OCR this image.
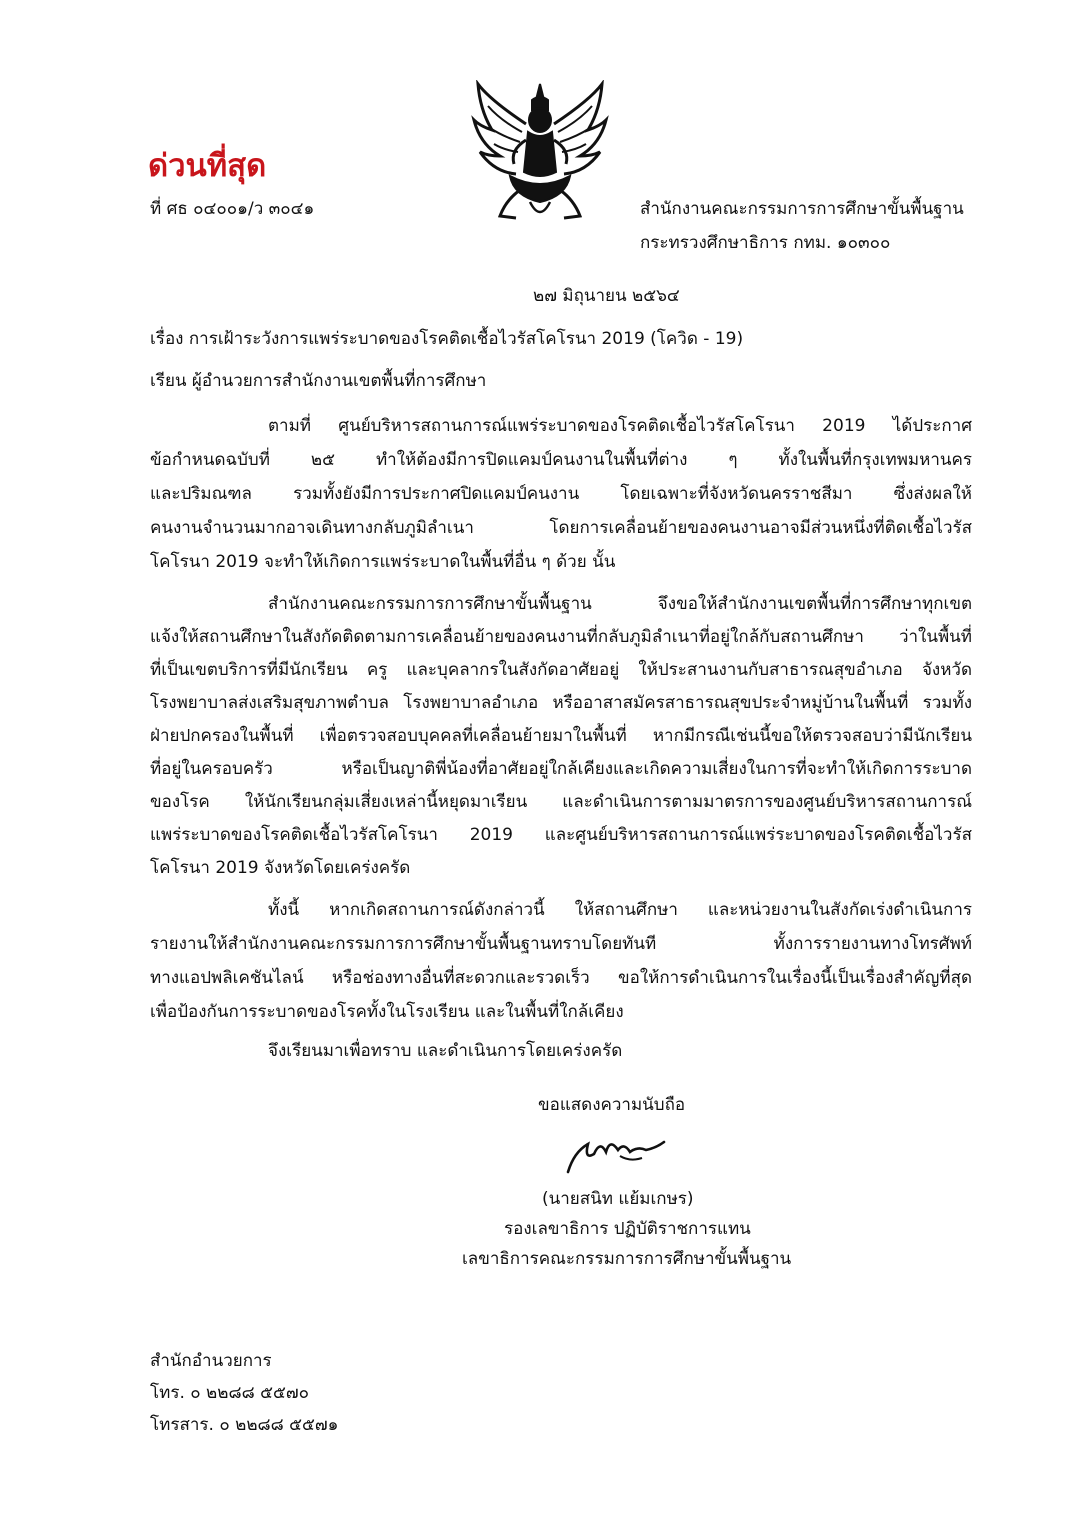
ด่วนที่สุด
ที่ ศธ ๐๔๐๐๑/ว ๓๐๔๑	สำนักงานคณะกรรมการการศึกษาขั้นพื้นฐาน
กระทรวงศึกษาธิการ กทม. ๑๐๓๐๐
๒๗ มิถุนายน ๒๕๖๔
เรื่อง การเฝ้าระวังการแพร่ระบาดของโรคติดเชื้อไวรัสโคโรนา 2019 (โควิด - 19)
เรียน ผู้อำนวยการสำนักงานเขตพื้นที่การศึกษา
ตามที่ ศูนย์บริหารสถานการณ์แพร่ระบาดของโรคติดเชื้อไวรัสโคโรนา 2019 ได้ประกาศ
ข้อกำหนดฉบับที่ ๒๕ ทำให้ต้องมีการปิดแคมป์คนงานในพื้นที่ต่าง ๆ ทั้งในพื้นที่กรุงเทพมหานคร
และปริมณฑล รวมทั้งยังมีการประกาศปิดแคมป์คนงาน โดยเฉพาะที่จังหวัดนครราชสีมา ซึ่งส่งผลให้
คนงานจำนวนมากอาจเดินทางกลับภูมิลำเนา โดยการเคลื่อนย้ายของคนงานอาจมีส่วนหนึ่งที่ติดเชื้อไวรัส
โคโรนา 2019 จะทำให้เกิดการแพร่ระบาดในพื้นที่อื่น ๆ ด้วย นั้น
สำนักงานคณะกรรมการการศึกษาขั้นพื้นฐาน จึงขอให้สำนักงานเขตพื้นที่การศึกษาทุกเขต
แจ้งให้สถานศึกษาในสังกัดติดตามการเคลื่อนย้ายของคนงานที่กลับภูมิลำเนาที่อยู่ใกล้กับสถานศึกษา ว่าในพื้นที่
ที่เป็นเขตบริการที่มีนักเรียน ครู และบุคลากรในสังกัดอาศัยอยู่ ให้ประสานงานกับสาธารณสุขอำเภอ จังหวัด
โรงพยาบาลส่งเสริมสุขภาพตำบล โรงพยาบาลอำเภอ หรืออาสาสมัครสาธารณสุขประจำหมู่บ้านในพื้นที่ รวมทั้ง
ฝ่ายปกครองในพื้นที่ เพื่อตรวจสอบบุคคลที่เคลื่อนย้ายมาในพื้นที่ หากมีกรณีเช่นนี้ขอให้ตรวจสอบว่ามีนักเรียน
ที่อยู่ในครอบครัว หรือเป็นญาติพี่น้องที่อาศัยอยู่ใกล้เคียงและเกิดความเสี่ยงในการที่จะทำให้เกิดการระบาด
ของโรค ให้นักเรียนกลุ่มเสี่ยงเหล่านี้หยุดมาเรียน และดำเนินการตามมาตรการของศูนย์บริหารสถานการณ์
แพร่ระบาดของโรคติดเชื้อไวรัสโคโรนา 2019 และศูนย์บริหารสถานการณ์แพร่ระบาดของโรคติดเชื้อไวรัส
โคโรนา 2019 จังหวัดโดยเคร่งครัด
ทั้งนี้ หากเกิดสถานการณ์ดังกล่าวนี้ ให้สถานศึกษา และหน่วยงานในสังกัดเร่งดำเนินการ
รายงานให้สำนักงานคณะกรรมการการศึกษาขั้นพื้นฐานทราบโดยทันที ทั้งการรายงานทางโทรศัพท์
ทางแอปพลิเคชันไลน์ หรือช่องทางอื่นที่สะดวกและรวดเร็ว ขอให้การดำเนินการในเรื่องนี้เป็นเรื่องสำคัญที่สุด
เพื่อป้องกันการระบาดของโรคทั้งในโรงเรียน และในพื้นที่ใกล้เคียง
จึงเรียนมาเพื่อทราบ และดำเนินการโดยเคร่งครัด
ขอแสดงความนับถือ
(นายสนิท แย้มเกษร)
รองเลขาธิการ ปฏิบัติราชการแทน
เลขาธิการคณะกรรมการการศึกษาขั้นพื้นฐาน
สำนักอำนวยการ
โทร. ๐ ๒๒๘๘ ๕๕๗๐
โทรสาร. ๐ ๒๒๘๘ ๕๕๗๑
